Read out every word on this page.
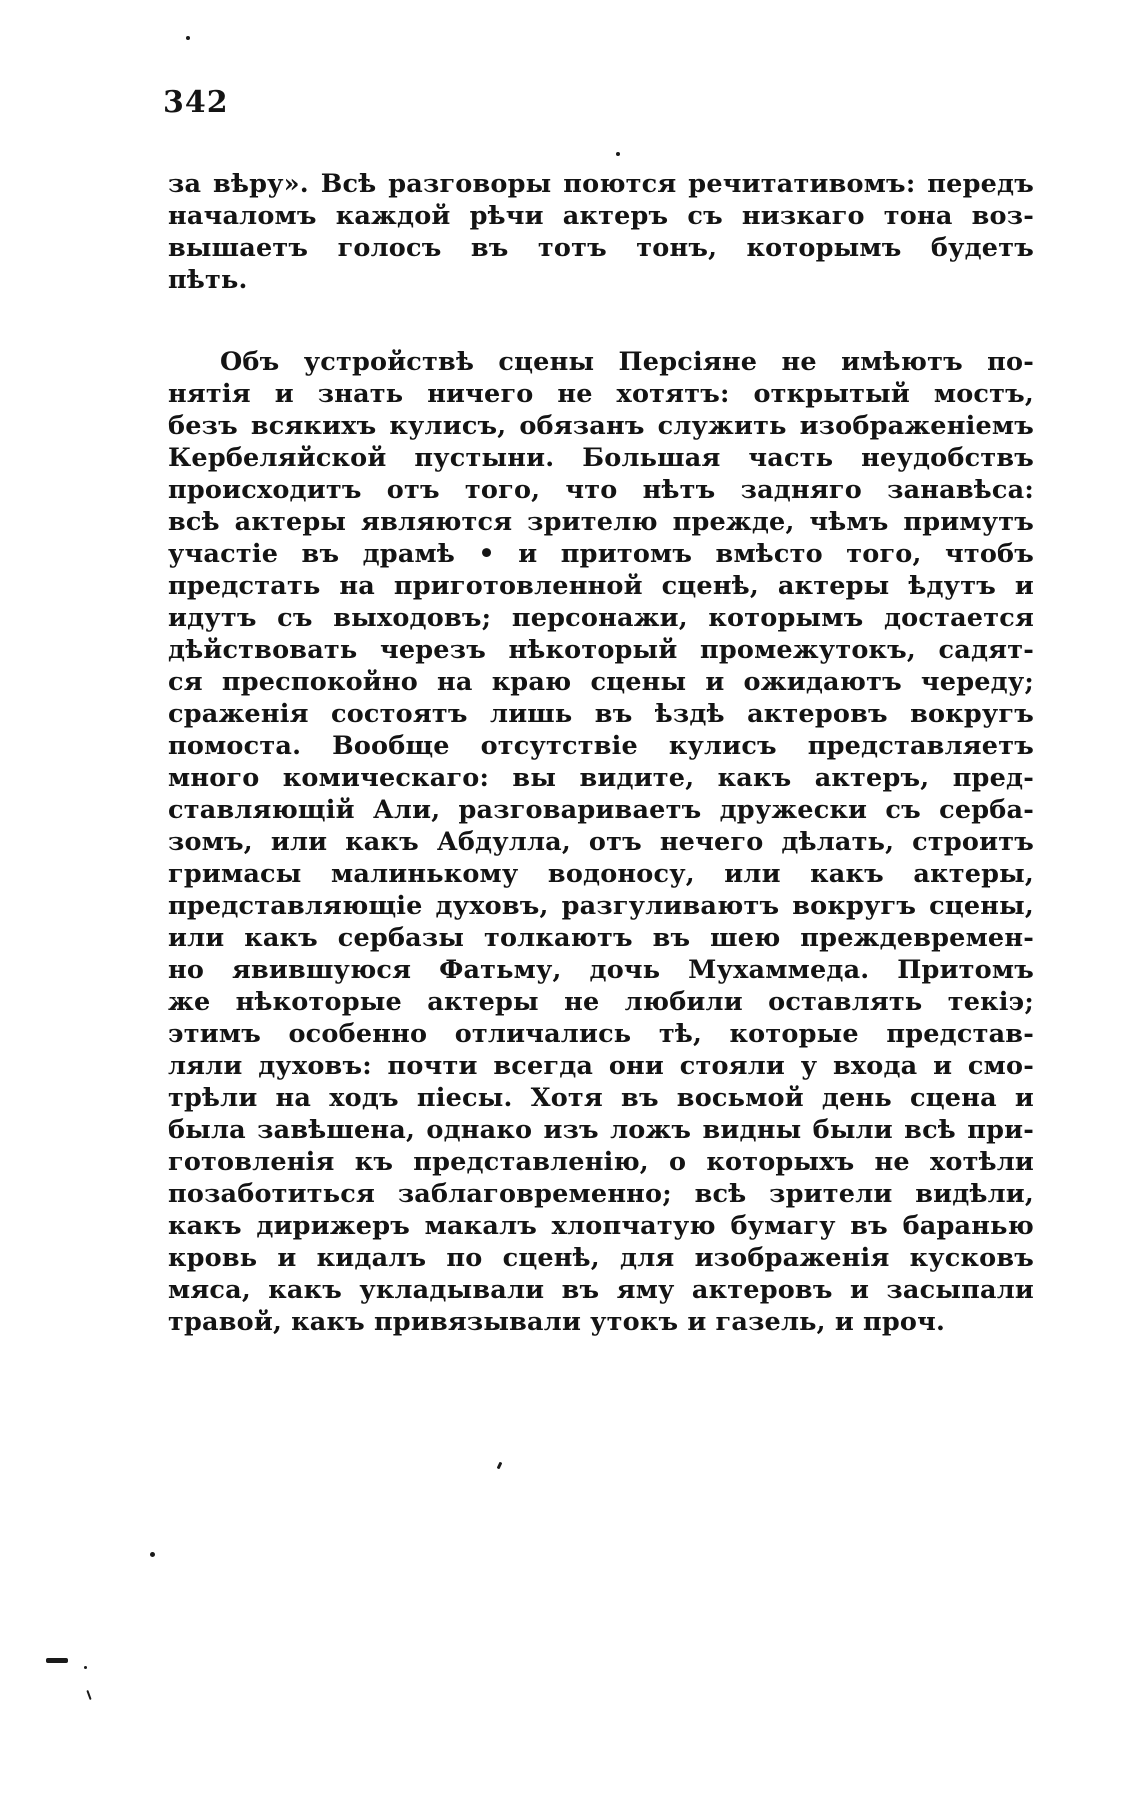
342
за вѣру». Всѣ разговоры поются речитативомъ: передъ
началомъ каждой рѣчи актеръ съ низкаго тона воз-
вышаетъ голосъ въ тотъ тонъ, которымъ будетъ
пѣть.
Объ устройствѣ сцены Персіяне не имѣютъ по-
нятія и знать ничего не хотятъ: открытый мостъ,
безъ всякихъ кулисъ, обязанъ служить изображеніемъ
Кербеляйской пустыни. Большая часть неудобствъ
происходитъ отъ того, что нѣтъ задняго занавѣса:
всѣ актеры являются зрителю прежде, чѣмъ примутъ
участіе въ драмѣ • и притомъ вмѣсто того, чтобъ
предстать на приготовленной сценѣ, актеры ѣдутъ и
идутъ съ выходовъ; персонажи, которымъ достается
дѣйствовать черезъ нѣкоторый промежутокъ, садят-
ся преспокойно на краю сцены и ожидаютъ череду;
сраженія состоятъ лишь въ ѣздѣ актеровъ вокругъ
помоста. Вообще отсутствіе кулисъ представляетъ
много комическаго: вы видите, какъ актеръ, пред-
ставляющій Али, разговариваетъ дружески съ серба-
зомъ, или какъ Абдулла, отъ нечего дѣлать, строитъ
гримасы малинькому водоносу, или какъ актеры,
представляющіе духовъ, разгуливаютъ вокругъ сцены,
или какъ сербазы толкаютъ въ шею преждевремен-
но явившуюся Фатьму, дочь Мухаммеда. Притомъ
же нѣкоторые актеры не любили оставлять текіэ;
этимъ особенно отличались тѣ, которые представ-
ляли духовъ: почти всегда они стояли у входа и смо-
трѣли на ходъ піесы. Хотя въ восьмой день сцена и
была завѣшена, однако изъ ложъ видны были всѣ при-
готовленія къ представленію, о которыхъ не хотѣли
позаботиться заблаговременно; всѣ зрители видѣли,
какъ дирижеръ макалъ хлопчатую бумагу въ баранью
кровь и кидалъ по сценѣ, для изображенія кусковъ
мяса, какъ укладывали въ яму актеровъ и засыпали
травой, какъ привязывали утокъ и газель, и проч.
